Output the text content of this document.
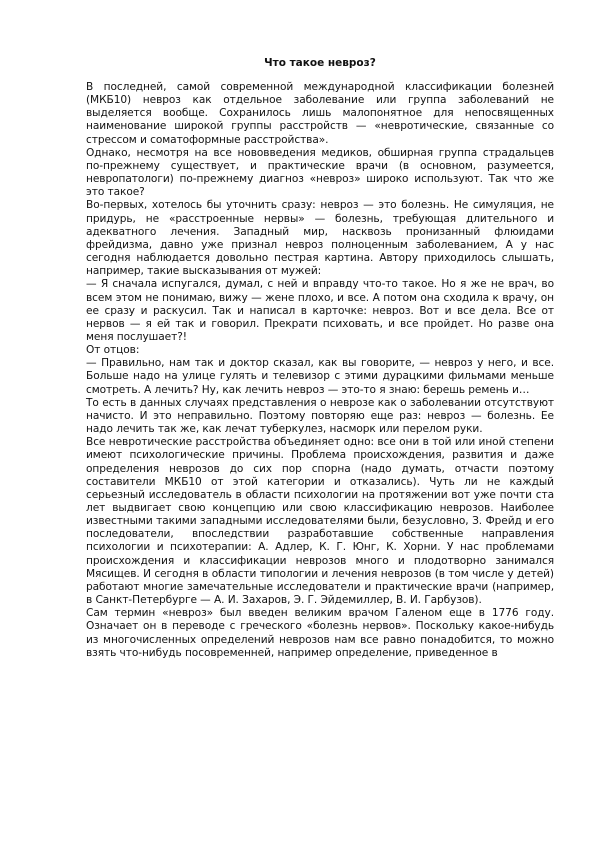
Что такое невроз?

В последней, самой современной международной классификации болезней (МКБ10) невроз как отдельное заболевание или группа заболеваний не выделяется вообще. Сохранилось лишь малопонятное для непосвященных наименование широкой группы расстройств — «невротические, связанные со стрессом и соматоформные расстройства».

Однако, несмотря на все нововведения медиков, обширная группа страдальцев по-прежнему существует, и практические врачи (в основном, разумеется, невропатологи) по-прежнему диагноз «невроз» широко используют. Так что же это такое?

Во-первых, хотелось бы уточнить сразу: невроз — это болезнь. Не симуляция, не придурь, не «расстроенные нервы» — болезнь, требующая длительного и адекватного лечения. Западный мир, насквозь пронизанный флюидами фрейдизма, давно уже признал невроз полноценным заболеванием, А у нас сегодня наблюдается довольно пестрая картина. Автору приходилось слышать, например, такие высказывания от мужей:

— Я сначала испугался, думал, с ней и вправду что-то такое. Но я же не врач, во всем этом не понимаю, вижу — жене плохо, и все. А потом она сходила к врачу, он ее сразу и раскусил. Так и написал в карточке: невроз. Вот и все дела. Все от нервов — я ей так и говорил. Прекрати психовать, и все пройдет. Но разве она меня послушает?!

От отцов:

— Правильно, нам так и доктор сказал, как вы говорите, — невроз у него, и все. Больше надо на улице гулять и телевизор с этими дурацкими фильмами меньше смотреть. А лечить? Ну, как лечить невроз — это-то я знаю: берешь ремень и…

То есть в данных случаях представления о неврозе как о заболевании отсутствуют начисто. И это неправильно. Поэтому повторяю еще раз: невроз — болезнь. Ее надо лечить так же, как лечат туберкулез, насморк или перелом руки.

Все невротические расстройства объединяет одно: все они в той или иной степени имеют психологические причины. Проблема происхождения, развития и даже определения неврозов до сих пор спорна (надо думать, отчасти поэтому составители МКБ10 от этой категории и отказались). Чуть ли не каждый серьезный исследователь в области психологии на протяжении вот уже почти ста лет выдвигает свою концепцию или свою классификацию неврозов. Наиболее известными такими западными исследователями были, безусловно, З. Фрейд и его последователи, впоследствии разработавшие собственные направления психологии и психотерапии: А. Адлер, К. Г. Юнг, К. Хорни. У нас проблемами происхождения и классификации неврозов много и плодотворно занимался Мясищев. И сегодня в области типологии и лечения неврозов (в том числе у детей) работают многие замечательные исследователи и практические врачи (например, в Санкт-Петербурге — А. И. Захаров, Э. Г. Эйдемиллер, В. И. Гарбузов).

Сам термин «невроз» был введен великим врачом Галеном еще в 1776 году. Означает он в переводе с греческого «болезнь нервов». Поскольку какое-нибудь из многочисленных определений неврозов нам все равно понадобится, то можно взять что-нибудь посовременней, например определение, приведенное в
